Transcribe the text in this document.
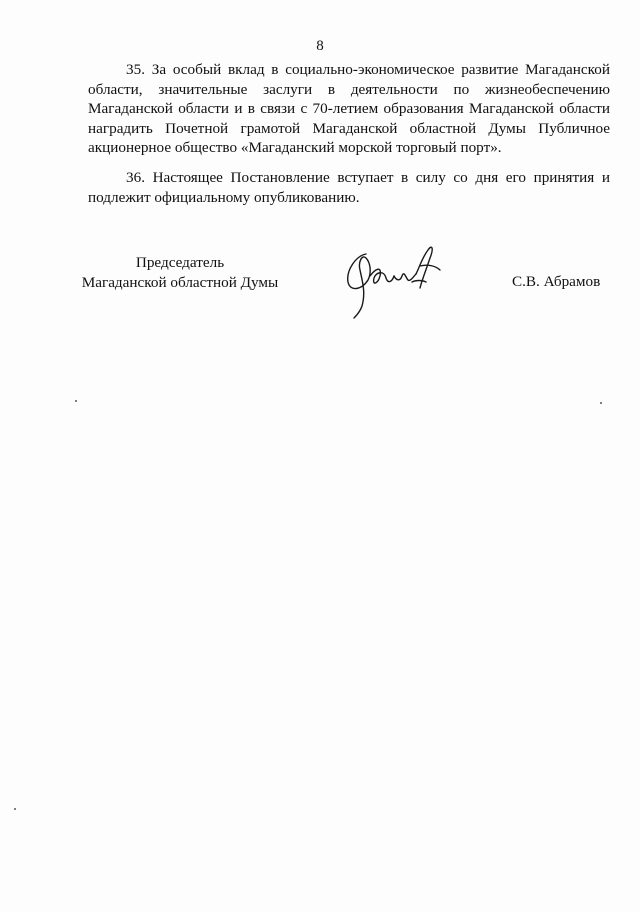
8

35. За особый вклад в социально-экономическое развитие Магаданской области, значительные заслуги в деятельности по жизнеобеспечению Магаданской области и в связи с 70-летием образования Магаданской области наградить Почетной грамотой Магаданской областной Думы Публичное акционерное общество «Магаданский морской торговый порт».

36. Настоящее Постановление вступает в силу со дня его принятия и подлежит официальному опубликованию.

Председатель
Магаданской областной Думы	С.В. Абрамов
